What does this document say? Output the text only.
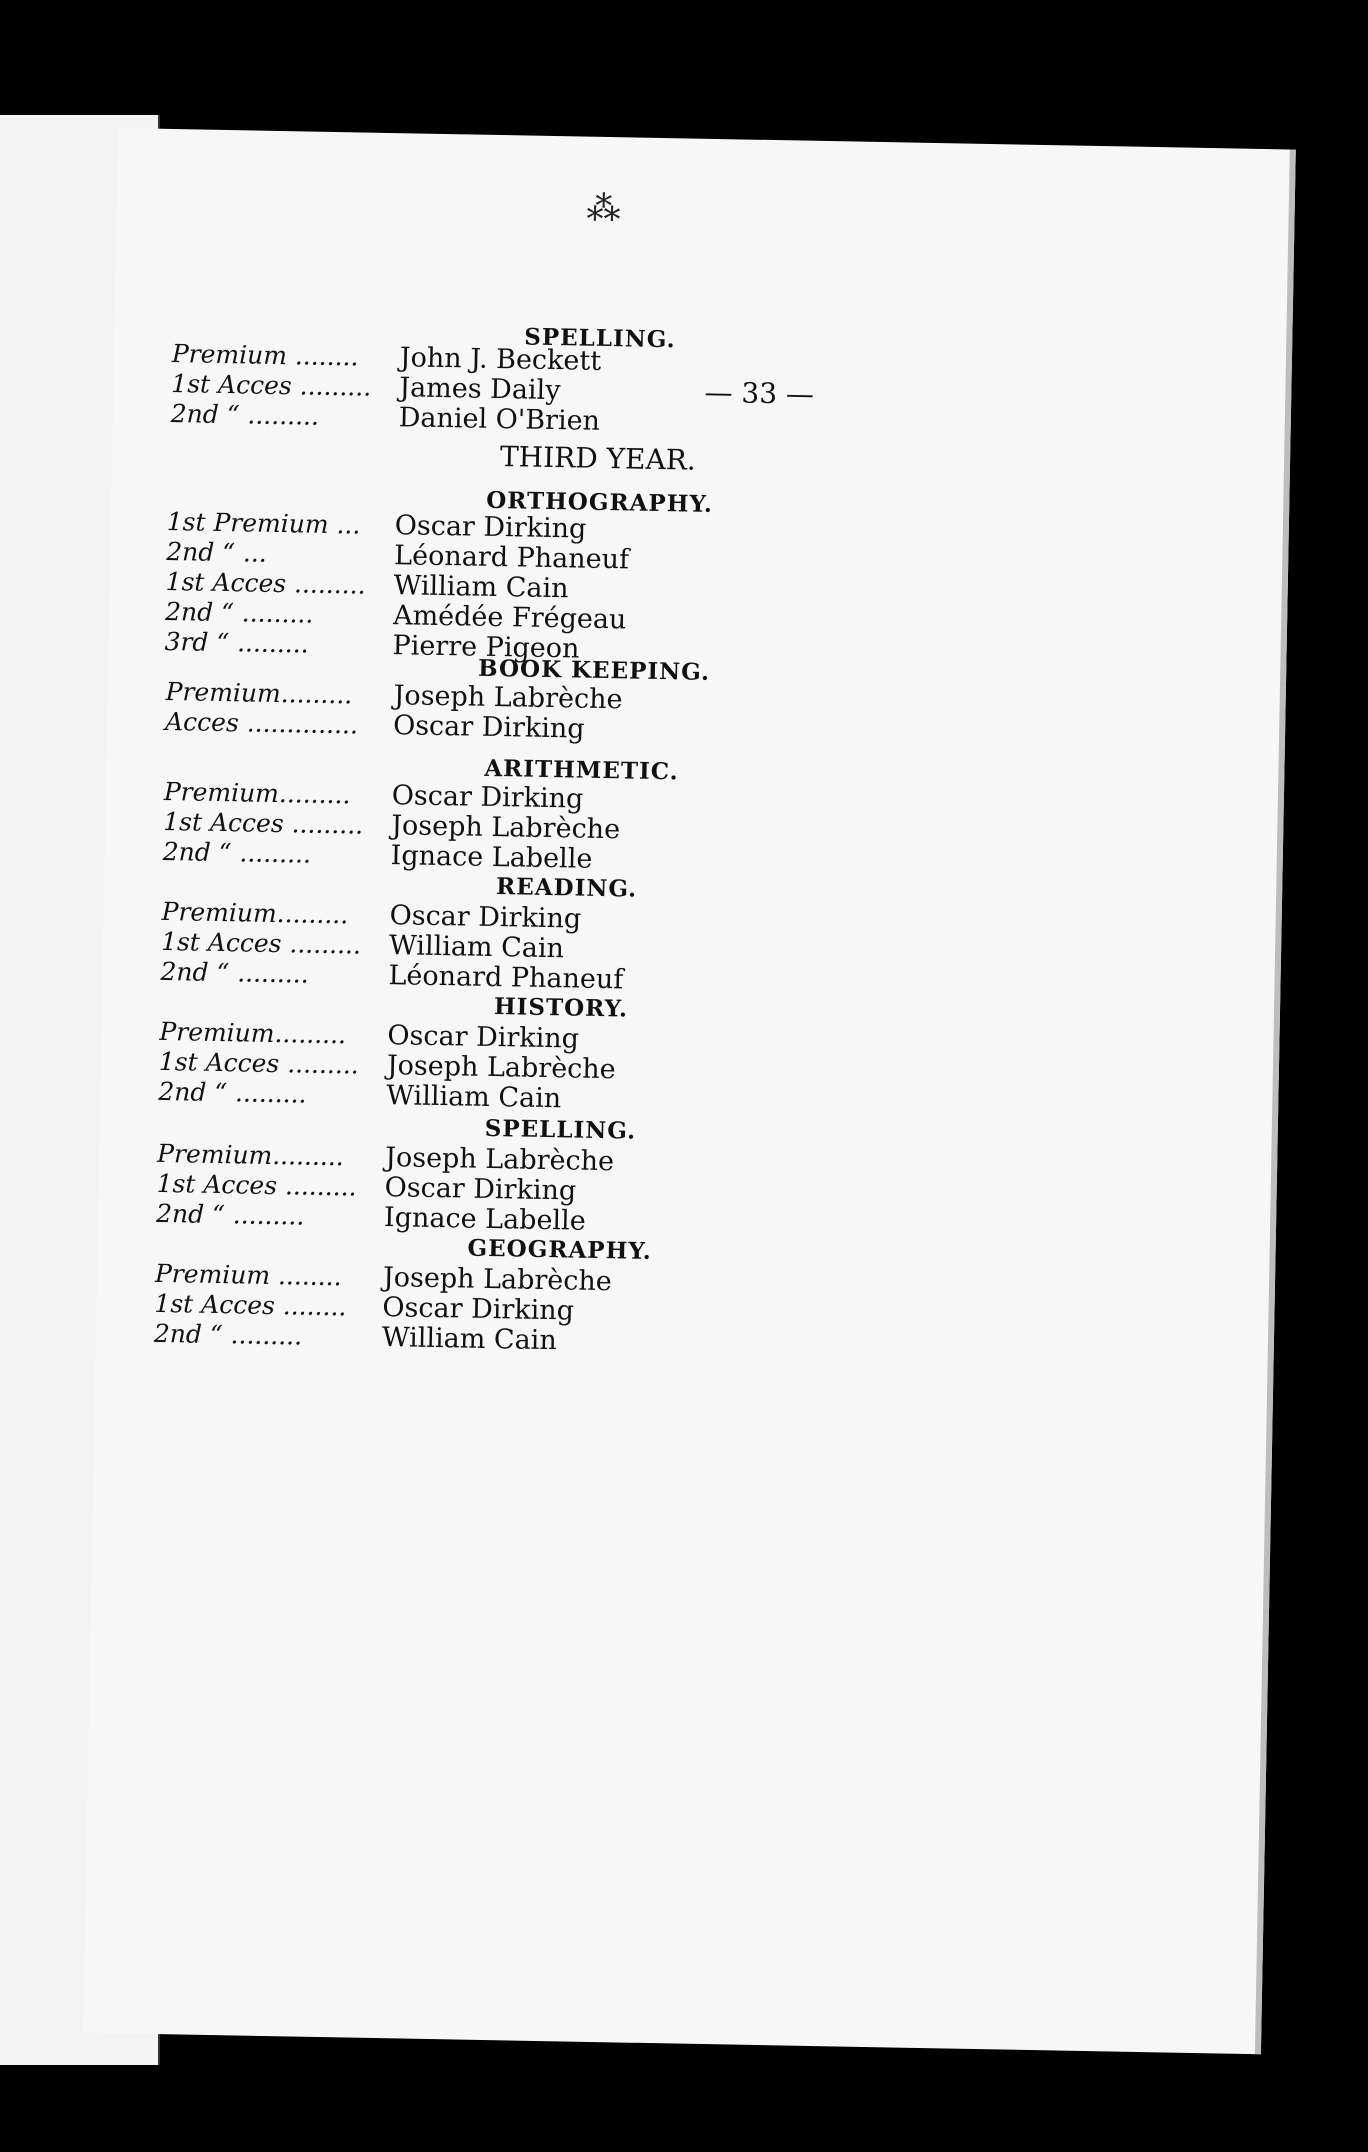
⁂
— 33 —
SPELLING.
Premium ........ John J. Beckett
1st Acces ......... James Daily
2nd “ .........	Daniel O'Brien
THIRD YEAR.
ORTHOGRAPHY.
1st Premium ... Oscar Dirking
2nd “ ...	Léonard Phaneuf
1st Acces ......... William Cain
2nd “ .........	Amédée Frégeau
3rd “ .........	Pierre Pigeon
BOOK KEEPING.
Premium......... Joseph Labrèche
Acces .............. Oscar Dirking
ARITHMETIC.
Premium......... Oscar Dirking
1st Acces ......... Joseph Labrèche
2nd “ .........	Ignace Labelle
READING.
Premium......... Oscar Dirking
1st Acces ......... William Cain
2nd “ .........	Léonard Phaneuf
HISTORY.
Premium......... Oscar Dirking
1st Acces ......... Joseph Labrèche
2nd “ .........	William Cain
SPELLING.
Premium......... Joseph Labrèche
1st Acces ......... Oscar Dirking
2nd “ .........	Ignace Labelle
GEOGRAPHY.
Premium ........ Joseph Labrèche
1st Acces ........ Oscar Dirking
2nd “ .........	William Cain
